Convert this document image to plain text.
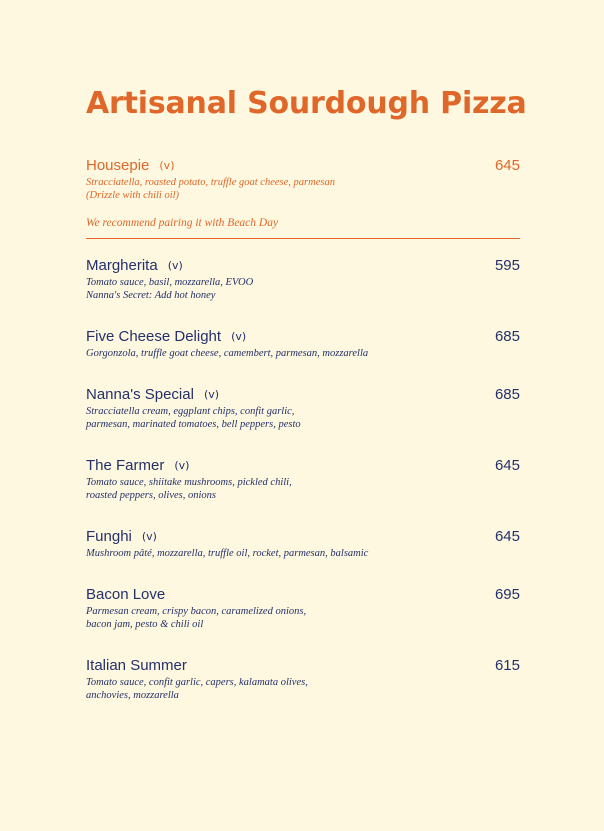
Artisanal Sourdough Pizza
Housepie (v)	645

Stracciatella, roasted potato, truffle goat cheese, parmesan
(Drizzle with chili oil)

We recommend pairing it with Beach Day
Margherita (v)	595

Tomato sauce, basil, mozzarella, EVOO
Nanna's Secret: Add hot honey

Five Cheese Delight (v)	685

Gorgonzola, truffle goat cheese, camembert, parmesan, mozzarella

Nanna's Special (v)	685

Stracciatella cream, eggplant chips, confit garlic,
parmesan, marinated tomatoes, bell peppers, pesto

The Farmer (v)	645

Tomato sauce, shiitake mushrooms, pickled chili,
roasted peppers, olives, onions

Funghi (v)	645

Mushroom pâté, mozzarella, truffle oil, rocket, parmesan, balsamic

Bacon Love	695

Parmesan cream, crispy bacon, caramelized onions,
bacon jam, pesto & chili oil

Italian Summer	615

Tomato sauce, confit garlic, capers, kalamata olives,
anchovies, mozzarella
